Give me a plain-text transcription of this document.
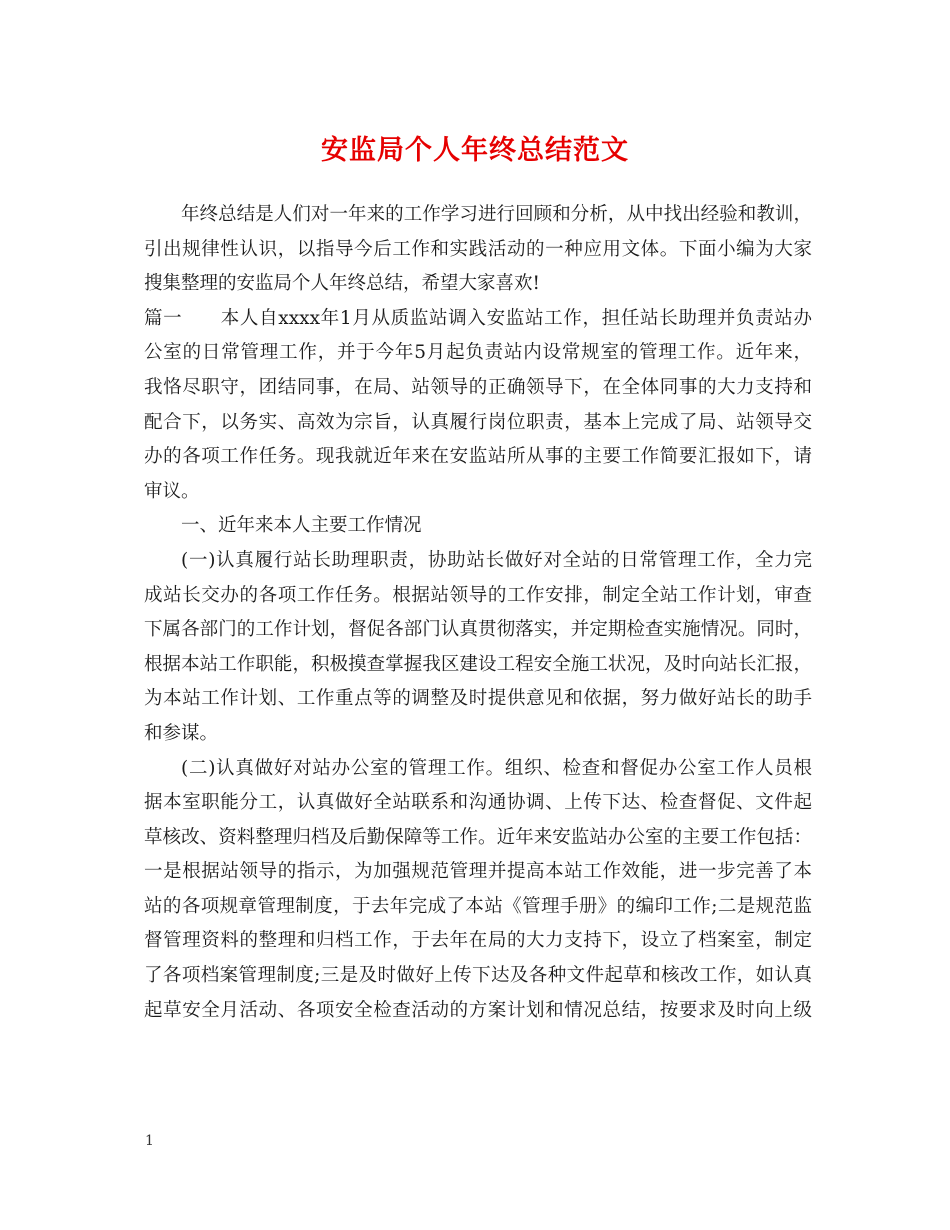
安监局个人年终总结范文
年终总结是人们对一年来的工作学习进行回顾和分析，从中找出经验和教训，
引出规律性认识，以指导今后工作和实践活动的一种应用文体。下面小编为大家
搜集整理的安监局个人年终总结，希望大家喜欢!
篇一　　本人自xxxx年1月从质监站调入安监站工作，担任站长助理并负责站办
公室的日常管理工作，并于今年5月起负责站内设常规室的管理工作。近年来，
我恪尽职守，团结同事，在局、站领导的正确领导下，在全体同事的大力支持和
配合下，以务实、高效为宗旨，认真履行岗位职责，基本上完成了局、站领导交
办的各项工作任务。现我就近年来在安监站所从事的主要工作简要汇报如下，请
审议。
一、近年来本人主要工作情况
(一)认真履行站长助理职责，协助站长做好对全站的日常管理工作，全力完
成站长交办的各项工作任务。根据站领导的工作安排，制定全站工作计划，审查
下属各部门的工作计划，督促各部门认真贯彻落实，并定期检查实施情况。同时，
根据本站工作职能，积极摸查掌握我区建设工程安全施工状况，及时向站长汇报，
为本站工作计划、工作重点等的调整及时提供意见和依据，努力做好站长的助手
和参谋。
(二)认真做好对站办公室的管理工作。组织、检查和督促办公室工作人员根
据本室职能分工，认真做好全站联系和沟通协调、上传下达、检查督促、文件起
草核改、资料整理归档及后勤保障等工作。近年来安监站办公室的主要工作包括：
一是根据站领导的指示，为加强规范管理并提高本站工作效能，进一步完善了本
站的各项规章管理制度，于去年完成了本站《管理手册》的编印工作;二是规范监
督管理资料的整理和归档工作，于去年在局的大力支持下，设立了档案室，制定
了各项档案管理制度;三是及时做好上传下达及各种文件起草和核改工作，如认真
起草安全月活动、各项安全检查活动的方案计划和情况总结，按要求及时向上级
1
